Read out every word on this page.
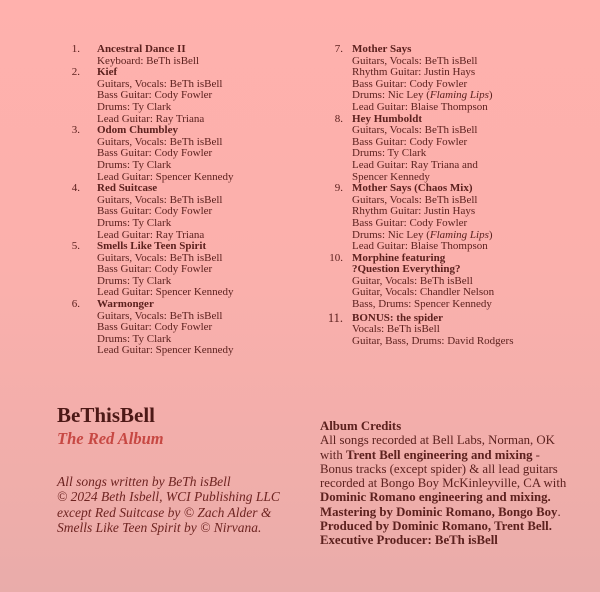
1.	Ancestral Dance II
Keyboard: BeTh isBell
2.	Kief
Guitars, Vocals: BeTh isBell
Bass Guitar: Cody Fowler
Drums: Ty Clark
Lead Guitar: Ray Triana
3.	Odom Chumbley
Guitars, Vocals: BeTh isBell
Bass Guitar: Cody Fowler
Drums: Ty Clark
Lead Guitar: Spencer Kennedy
4.	Red Suitcase
Guitars, Vocals: BeTh isBell
Bass Guitar: Cody Fowler
Drums: Ty Clark
Lead Guitar: Ray Triana
5.	Smells Like Teen Spirit
Guitars, Vocals: BeTh isBell
Bass Guitar: Cody Fowler
Drums: Ty Clark
Lead Guitar: Spencer Kennedy
6.	Warmonger
Guitars, Vocals: BeTh isBell
Bass Guitar: Cody Fowler
Drums: Ty Clark
Lead Guitar: Spencer Kennedy
7. Mother Says
Guitars, Vocals: BeTh isBell
Rhythm Guitar: Justin Hays
Bass Guitar: Cody Fowler
Drums: Nic Ley (Flaming Lips)
Lead Guitar: Blaise Thompson
8. Hey Humboldt
Guitars, Vocals: BeTh isBell
Bass Guitar: Cody Fowler
Drums: Ty Clark
Lead Guitar: Ray Triana and
Spencer Kennedy
9. Mother Says (Chaos Mix)
Guitars, Vocals: BeTh isBell
Rhythm Guitar: Justin Hays
Bass Guitar: Cody Fowler
Drums: Nic Ley (Flaming Lips)
Lead Guitar: Blaise Thompson
10. Morphine featuring
?Question Everything?
Guitar, Vocals: BeTh isBell
Guitar, Vocals: Chandler Nelson
Bass, Drums: Spencer Kennedy
11. BONUS: the spider
Vocals: BeTh isBell
Guitar, Bass, Drums: David Rodgers
BeThisBell
The Red Album
All songs written by BeTh isBell
© 2024 Beth Isbell, WCI Publishing LLC
except Red Suitcase by © Zach Alder &
Smells Like Teen Spirit by © Nirvana.
Album Credits
All songs recorded at Bell Labs, Norman, OK
with Trent Bell engineering and mixing -
Bonus tracks (except spider) & all lead guitars
recorded at Bongo Boy McKinleyville, CA with
Dominic Romano engineering and mixing.
Mastering by Dominic Romano, Bongo Boy.
Produced by Dominic Romano, Trent Bell.
Executive Producer: BeTh isBell
